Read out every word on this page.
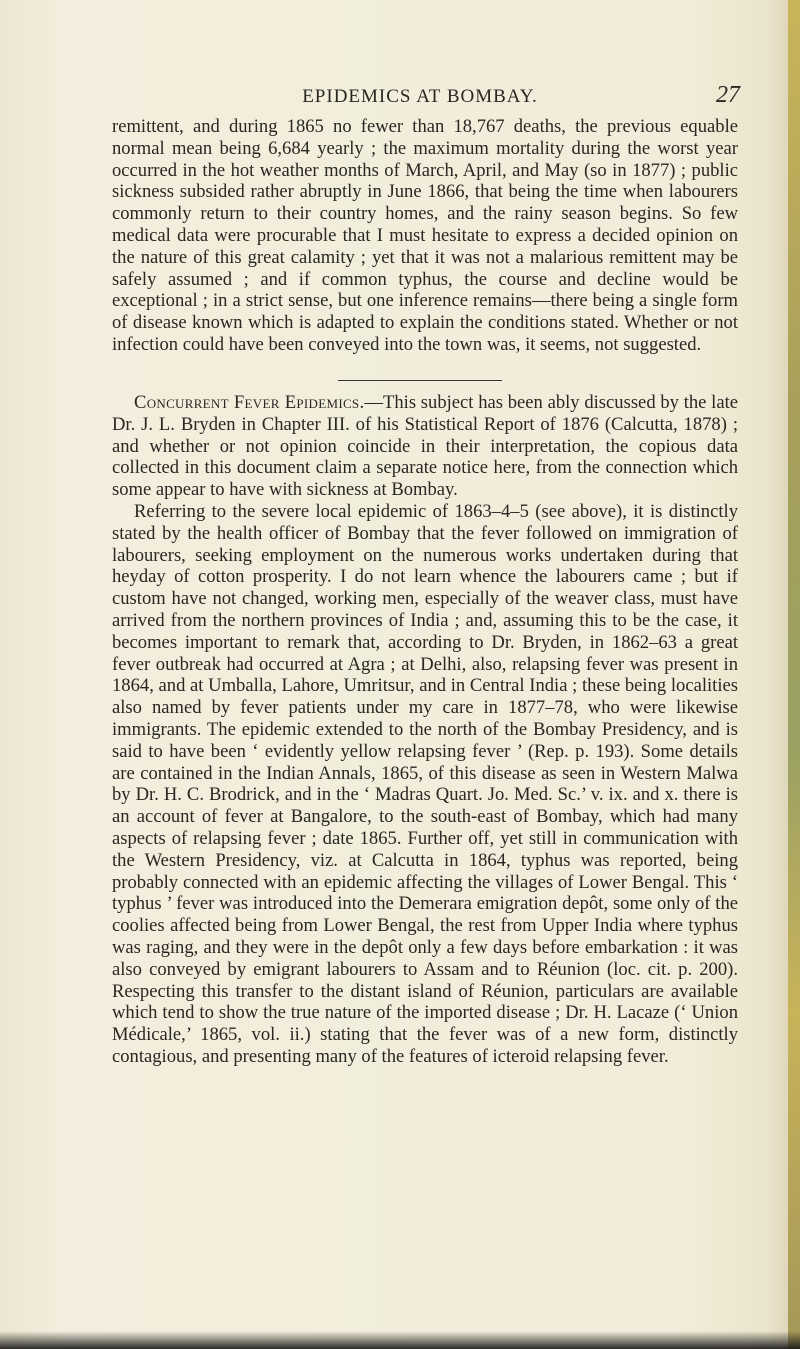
EPIDEMICS AT BOMBAY.	27

remittent, and during 1865 no fewer than 18,767 deaths, the previous equable normal mean being 6,684 yearly ; the maximum mortality during the worst year occurred in the hot weather months of March, April, and May (so in 1877) ; public sickness subsided rather abruptly in June 1866, that being the time when labourers commonly return to their country homes, and the rainy season begins. So few medical data were procurable that I must hesitate to express a decided opinion on the nature of this great calamity ; yet that it was not a malarious remittent may be safely assumed ; and if common typhus, the course and decline would be exceptional ; in a strict sense, but one inference remains—there being a single form of disease known which is adapted to explain the conditions stated. Whether or not infection could have been conveyed into the town was, it seems, not suggested.

Concurrent Fever Epidemics.—This subject has been ably discussed by the late Dr. J. L. Bryden in Chapter III. of his Statistical Report of 1876 (Calcutta, 1878) ; and whether or not opinion coincide in their interpretation, the copious data collected in this document claim a separate notice here, from the connection which some appear to have with sickness at Bombay.

Referring to the severe local epidemic of 1863–4–5 (see above), it is distinctly stated by the health officer of Bombay that the fever followed on immigration of labourers, seeking employment on the numerous works undertaken during that heyday of cotton prosperity. I do not learn whence the labourers came ; but if custom have not changed, working men, especially of the weaver class, must have arrived from the northern provinces of India ; and, assuming this to be the case, it becomes important to remark that, according to Dr. Bryden, in 1862–63 a great fever outbreak had occurred at Agra ; at Delhi, also, relapsing fever was present in 1864, and at Umballa, Lahore, Umritsur, and in Central India ; these being localities also named by fever patients under my care in 1877–78, who were likewise immigrants. The epidemic extended to the north of the Bombay Presidency, and is said to have been ‘ evidently yellow relapsing fever ’ (Rep. p. 193). Some details are contained in the Indian Annals, 1865, of this disease as seen in Western Malwa by Dr. H. C. Brodrick, and in the ‘ Madras Quart. Jo. Med. Sc.’ v. ix. and x. there is an account of fever at Bangalore, to the south-east of Bombay, which had many aspects of relapsing fever ; date 1865. Further off, yet still in communication with the Western Presidency, viz. at Calcutta in 1864, typhus was reported, being probably connected with an epidemic affecting the villages of Lower Bengal. This ‘ typhus ’ fever was introduced into the Demerara emigration depôt, some only of the coolies affected being from Lower Bengal, the rest from Upper India where typhus was raging, and they were in the depôt only a few days before embarkation : it was also conveyed by emigrant labourers to Assam and to Réunion (loc. cit. p. 200). Respecting this transfer to the distant island of Réunion, particulars are available which tend to show the true nature of the imported disease ; Dr. H. Lacaze (‘ Union Médicale,’ 1865, vol. ii.) stating that the fever was of a new form, distinctly contagious, and presenting many of the features of icteroid relapsing fever.
